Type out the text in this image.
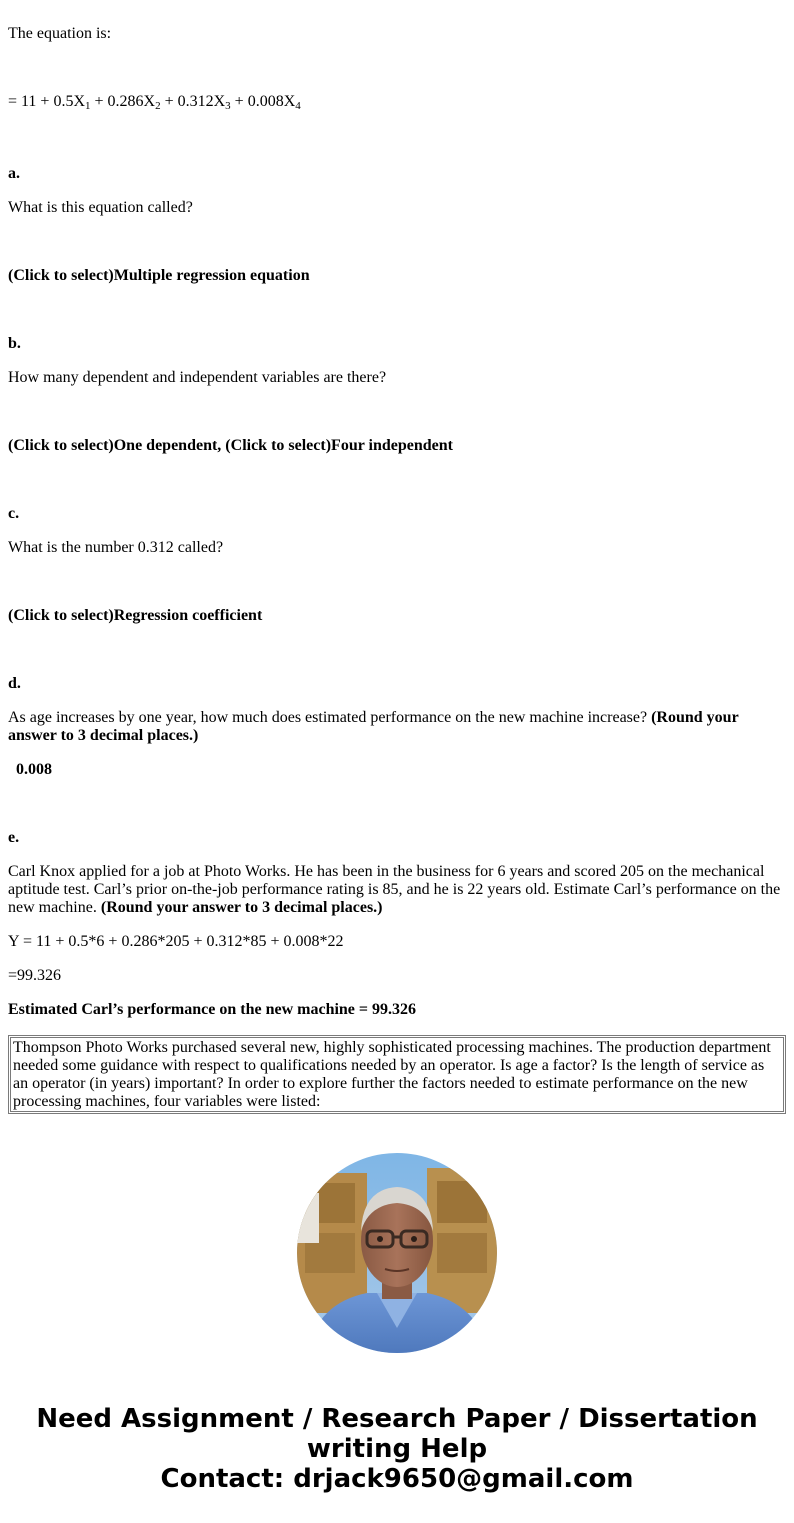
The equation is:

= $11 + 0.5X_1 + 0.286X_2 + 0.312X_3 + 0.008X_4$

a.

What is this equation called?

(Click to select)Multiple regression equation

b.

How many dependent and independent variables are there?

(Click to select)One dependent, (Click to select)Four independent

c.

What is the number 0.312 called?

(Click to select)Regression coefficient

d.

As age increases by one year, how much does estimated performance on the new machine increase? (Round your answer to 3 decimal places.)

0.008

e.

Carl Knox applied for a job at Photo Works. He has been in the business for 6 years and scored 205 on the mechanical aptitude test. Carl’s prior on-the-job performance rating is 85, and he is 22 years old. Estimate Carl’s performance on the new machine. (Round your answer to 3 decimal places.)

Y = 11 + 0.5*6 + 0.286*205 + 0.312*85 + 0.008*22

=99.326

Estimated Carl’s performance on the new machine = 99.326

Thompson Photo Works purchased several new, highly sophisticated processing machines. The production department needed some guidance with respect to qualifications needed by an operator. Is age a factor? Is the length of service as an operator (in years) important? In order to explore further the factors needed to estimate performance on the new processing machines, four variables were listed:
Need Assignment / Research Paper / Dissertation
writing Help
Contact: drjack9650@gmail.com
